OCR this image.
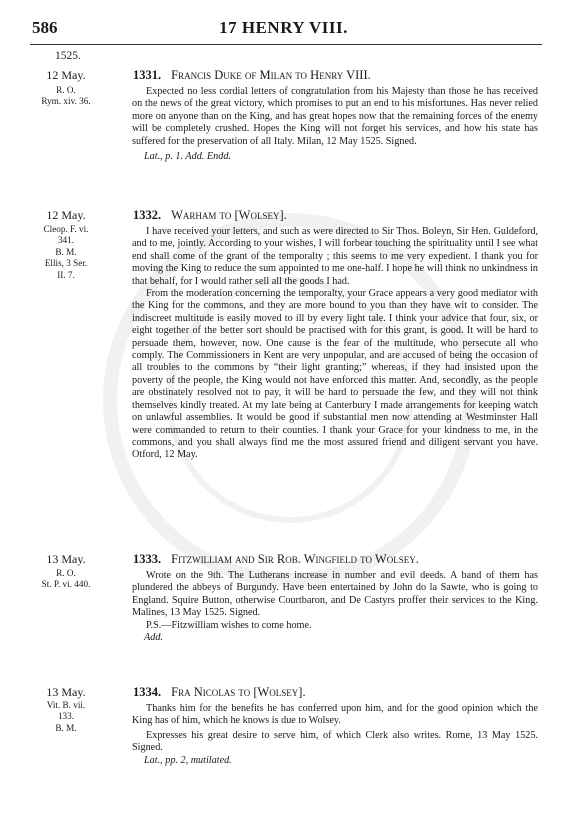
586	17 HENRY VIII.
1525.
12 May.
R. O.
Rym. xiv. 36.
1331. Francis Duke of Milan to Henry VIII.

Expected no less cordial letters of congratulation from his Majesty than those he has received on the news of the great victory, which promises to put an end to his misfortunes. Has never relied more on anyone than on the King, and has great hopes now that the remaining forces of the enemy will be completely crushed. Hopes the King will not forget his services, and how his state has suffered for the preservation of all Italy. Milan, 12 May 1525. Signed.

Lat., p. 1. Add. Endd.

12 May.
Cleop. F. vi.
341.
B. M.
Ellis, 3 Ser.
II. 7.
1332. Warham to [Wolsey].

I have received your letters, and such as were directed to Sir Thos. Boleyn, Sir Hen. Guldeford, and to me, jointly. According to your wishes, I will forbear touching the spirituality until I see what end shall come of the grant of the temporalty ; this seems to me very expedient. I thank you for moving the King to reduce the sum appointed to me one-half. I hope he will think no unkindness in that behalf, for I would rather sell all the goods I had.

From the moderation concerning the temporalty, your Grace appears a very good mediator with the King for the commons, and they are more bound to you than they have wit to consider. The indiscreet multitude is easily moved to ill by every light tale. I think your advice that four, six, or eight together of the better sort should be practised with for this grant, is good. It will be hard to persuade them, however, now. One cause is the fear of the multitude, who persecute all who comply. The Commissioners in Kent are very unpopular, and are accused of being the occasion of all troubles to the commons by “their light granting;” whereas, if they had insisted upon the poverty of the people, the King would not have enforced this matter. And, secondly, as the people are obstinately resolved not to pay, it will be hard to persuade the few, and they will not think themselves kindly treated. At my late being at Canterbury I made arrangements for keeping watch on unlawful assemblies. It would be good if substantial men now attending at Westminster Hall were commanded to return to their counties. I thank your Grace for your kindness to me, in the commons, and you shall always find me the most assured friend and diligent servant you have. Otford, 12 May.

13 May.
R. O.
St. P. vi. 440.
1333. Fitzwilliam and Sir Rob. Wingfield to Wolsey.

Wrote on the 9th. The Lutherans increase in number and evil deeds. A band of them has plundered the abbeys of Burgundy. Have been entertained by John do la Sawte, who is going to England. Squire Button, otherwise Courtbaron, and De Castyrs proffer their services to the King. Malines, 13 May 1525. Signed.

P.S.—Fitzwilliam wishes to come home.

Add.

13 May.
Vit. B. vii.
133.
B. M.
1334. Fra Nicolas to [Wolsey].

Thanks him for the benefits he has conferred upon him, and for the good opinion which the King has of him, which he knows is due to Wolsey.

Expresses his great desire to serve him, of which Clerk also writes. Rome, 13 May 1525. Signed.

Lat., pp. 2, mutilated.
